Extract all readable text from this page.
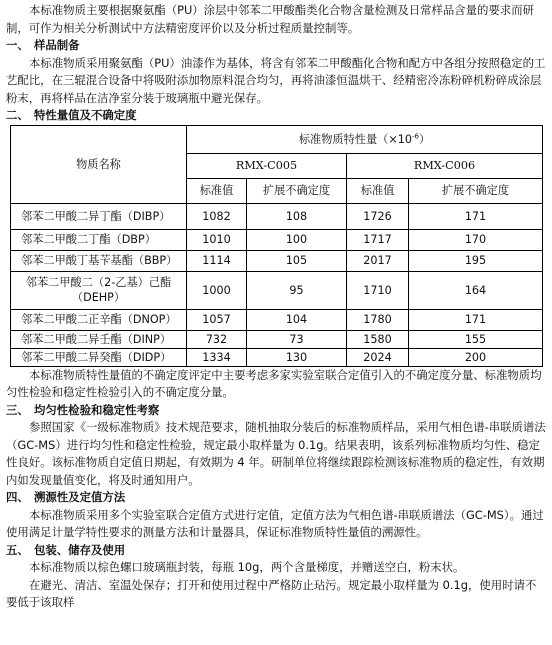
本标准物质主要根据聚氨酯（PU）涂层中邻苯二甲酸酯类化合物含量检测及日常样品含量的要求而研制，可作为相关分析测试中方法精密度评价以及分析过程质量控制等。

一、 样品制备

本标准物质采用聚氨酯（PU）油漆作为基体，将含有邻苯二甲酸酯化合物和配方中各组分按照稳定的工艺配比，在三辊混合设备中将吸附添加物原料混合均匀，再将油漆恒温烘干、经精密冷冻粉碎机粉碎成涂层粉末，再将样品在洁净室分装于玻璃瓶中避光保存。

二、 特性量值及不确定度
物质名称	标准物质特性量$(\times 10^{-6})$			
	RMX-C005		RMX-C006	
	标准值	扩展不确定度	标准值	扩展不确定度
邻苯二甲酸二异丁酯（DIBP）	1082	108	1726	171
邻苯二甲酸二丁酯（DBP）	1010	100	1717	170
邻苯二甲酸丁基苄基酯（BBP）	1114	105	2017	195
邻苯二甲酸二（2-乙基）己酯
（DEHP）	1000	95	1710	164
邻苯二甲酸二正辛酯（DNOP）	1057	104	1780	171
邻苯二甲酸二异壬酯（DINP）	732	73	1580	155
邻苯二甲酸二异癸酯（DIDP）	1334	130	2024	200

本标准物质特性量值的不确定度评定中主要考虑多家实验室联合定值引入的不确定度分量、标准物质均匀性检验和稳定性检验引入的不确定度分量。

三、 均匀性检验和稳定性考察

参照国家《一级标准物质》技术规范要求，随机抽取分装后的标准物质样品，采用气相色谱-串联质谱法（GC-MS）进行均匀性和稳定性检验，规定最小取样量为 0.1g。结果表明，该系列标准物质均匀性、稳定性良好。该标准物质自定值日期起，有效期为 4 年。研制单位将继续跟踪检测该标准物质的稳定性，有效期内如发现量值变化，将及时通知用户。

四、 溯源性及定值方法

本标准物质采用多个实验室联合定值方式进行定值，定值方法为气相色谱-串联质谱法（GC-MS）。通过使用满足计量学特性要求的测量方法和计量器具，保证标准物质特性量值的溯源性。

五、 包装、储存及使用

本标准物质以棕色螺口玻璃瓶封装，每瓶 10g，两个含量梯度，并赠送空白，粉末状。

在避光、清洁、室温处保存；打开和使用过程中严格防止玷污。规定最小取样量为 0.1g，使用时请不要低于该取样
